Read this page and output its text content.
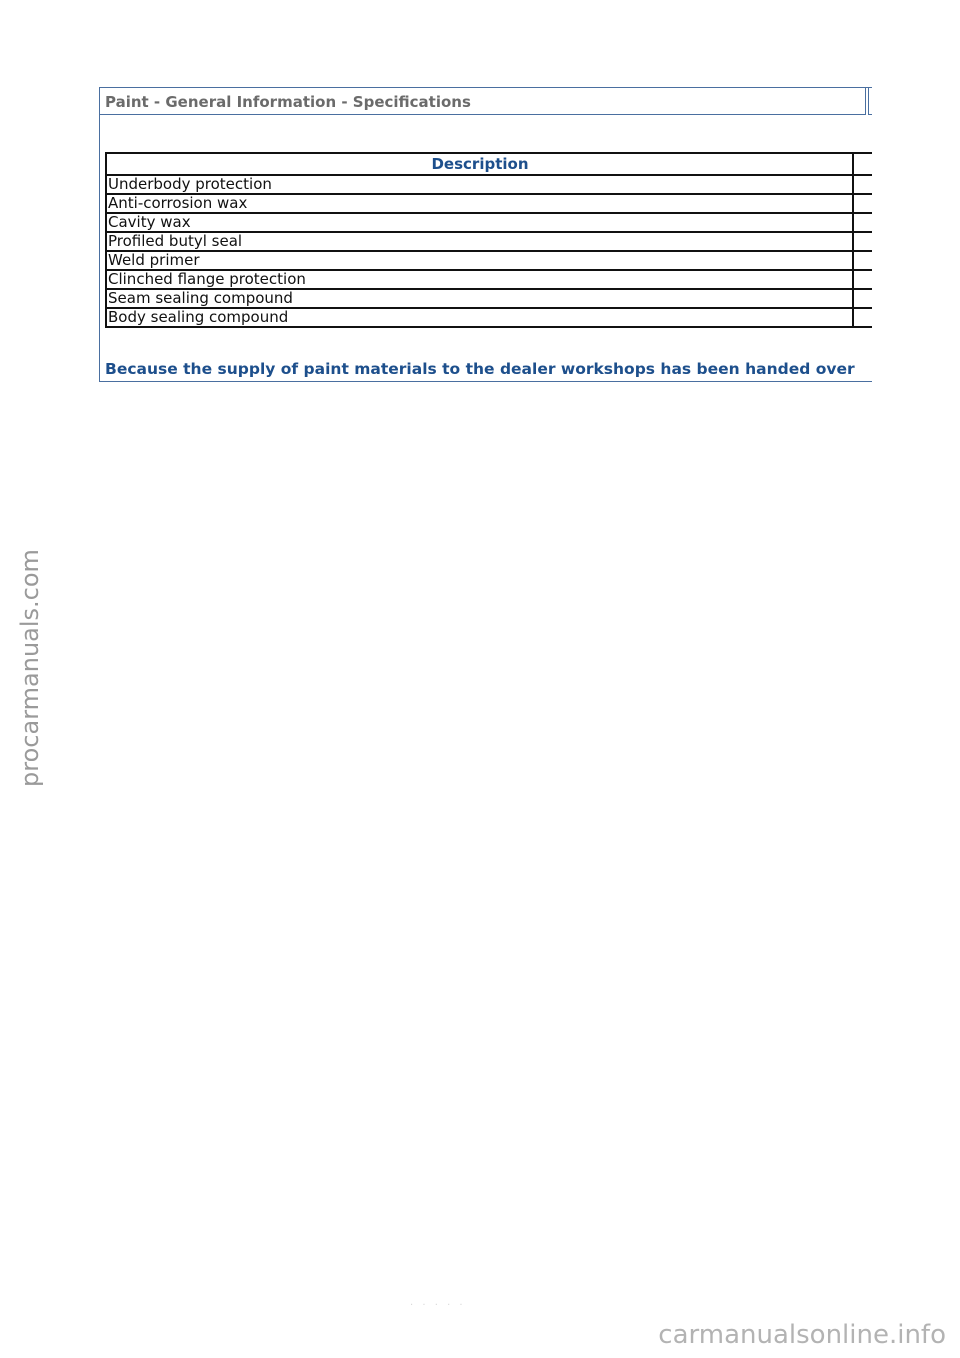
Paint - General Information - Specifications
Description	
Underbody protection	
Anti-corrosion wax	
Cavity wax	
Profiled butyl seal	
Weld primer	
Clinched flange protection	
Seam sealing compound	
Body sealing compound	
Because the supply of paint materials to the dealer workshops has been handed over
procarmanuals.com
· · · · ·
carmanualsonline.info
